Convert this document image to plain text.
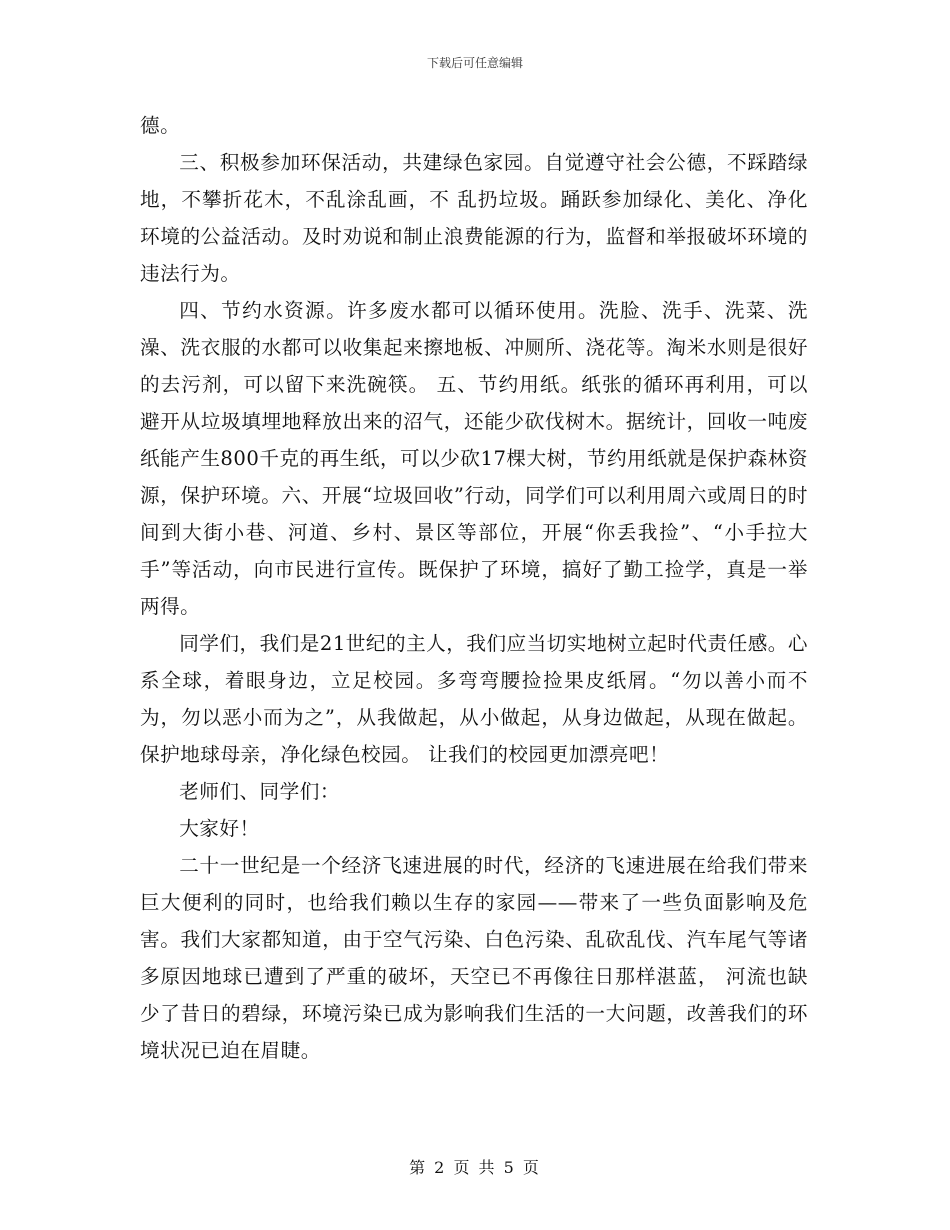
下载后可任意编辑

德。

三、积极参加环保活动，共建绿色家园。自觉遵守社会公德，不踩踏绿地，不攀折花木，不乱涂乱画，不 乱扔垃圾。踊跃参加绿化、美化、净化环境的公益活动。及时劝说和制止浪费能源的行为，监督和举报破坏环境的违法行为。

四、节约水资源。许多废水都可以循环使用。洗脸、洗手、洗菜、洗澡、洗衣服的水都可以收集起来擦地板、冲厕所、浇花等。淘米水则是很好的去污剂，可以留下来洗碗筷。 五、节约用纸。纸张的循环再利用，可以避开从垃圾填埋地释放出来的沼气，还能少砍伐树木。据统计，回收一吨废纸能产生800千克的再生纸，可以少砍17棵大树，节约用纸就是保护森林资源，保护环境。六、开展“垃圾回收”行动，同学们可以利用周六或周日的时间到大街小巷、河道、乡村、景区等部位，开展“你丢我捡”、“小手拉大手”等活动，向市民进行宣传。既保护了环境，搞好了勤工捡学，真是一举两得。

同学们，我们是21世纪的主人，我们应当切实地树立起时代责任感。心系全球，着眼身边，立足校园。多弯弯腰捡捡果皮纸屑。“勿以善小而不为，勿以恶小而为之”，从我做起，从小做起，从身边做起，从现在做起。保护地球母亲，净化绿色校园。 让我们的校园更加漂亮吧！

老师们、同学们：

大家好！

二十一世纪是一个经济飞速进展的时代，经济的飞速进展在给我们带来巨大便利的同时，也给我们赖以生存的家园——带来了一些负面影响及危害。我们大家都知道，由于空气污染、白色污染、乱砍乱伐、汽车尾气等诸多原因地球已遭到了严重的破坏，天空已不再像往日那样湛蓝， 河流也缺少了昔日的碧绿，环境污染已成为影响我们生活的一大问题，改善我们的环境状况已迫在眉睫。

第 2 页 共 5 页
